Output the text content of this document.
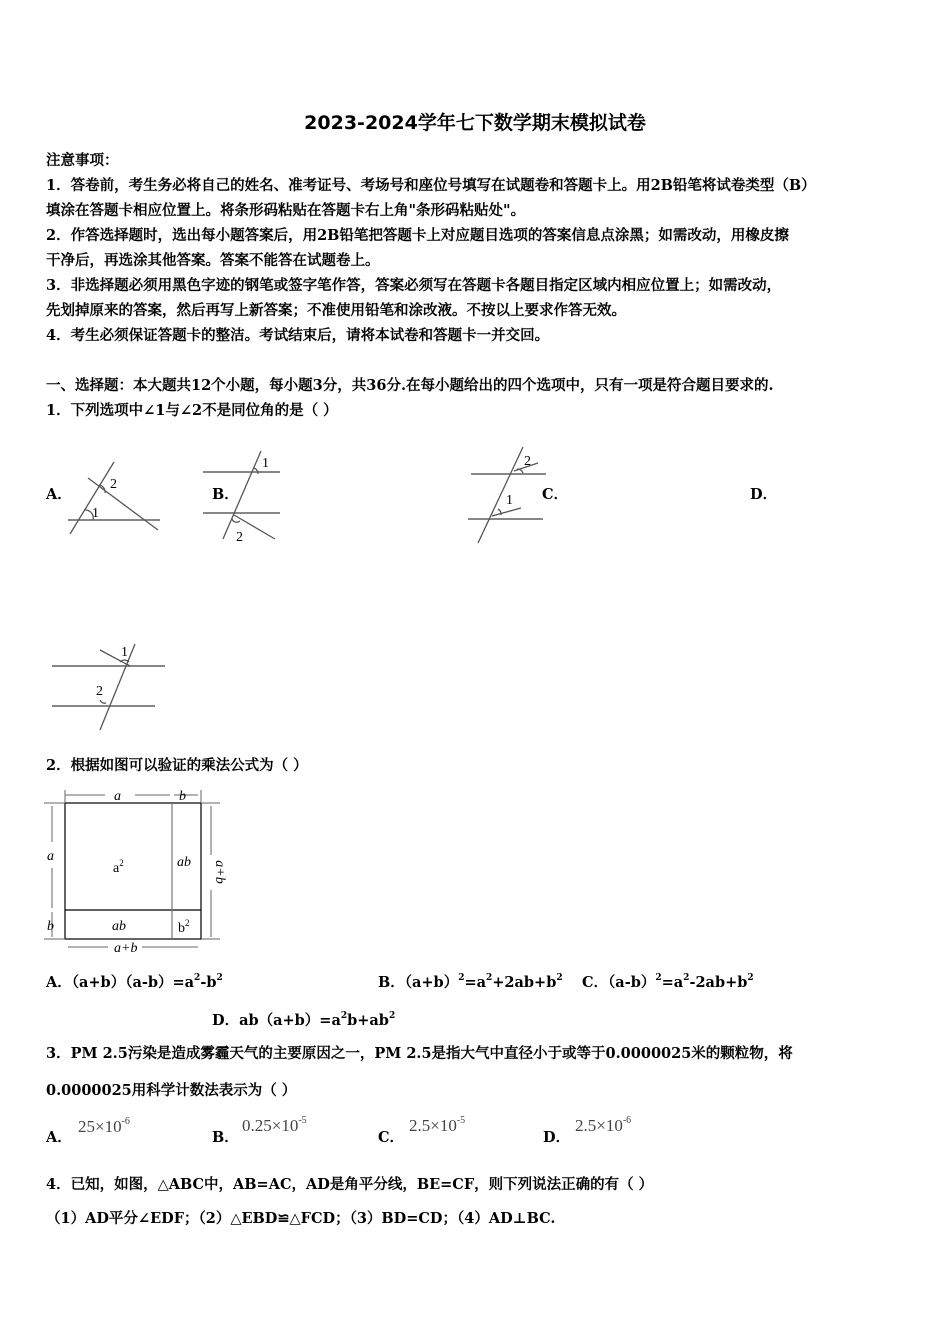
2023-2024学年七下数学期末模拟试卷
注意事项：
1．答卷前，考生务必将自己的姓名、准考证号、考场号和座位号填写在试题卷和答题卡上。用2B铅笔将试卷类型（B）
填涂在答题卡相应位置上。将条形码粘贴在答题卡右上角"条形码粘贴处"。
2．作答选择题时，选出每小题答案后，用2B铅笔把答题卡上对应题目选项的答案信息点涂黑；如需改动，用橡皮擦
干净后，再选涂其他答案。答案不能答在试题卷上。
3．非选择题必须用黑色字迹的钢笔或签字笔作答，答案必须写在答题卡各题目指定区域内相应位置上；如需改动，
先划掉原来的答案，然后再写上新答案；不准使用铅笔和涂改液。不按以上要求作答无效。
4．考生必须保证答题卡的整洁。考试结束后，请将本试卷和答题卡一并交回。
一、选择题：本大题共12个小题，每小题3分，共36分.在每小题给出的四个选项中，只有一项是符合题目要求的.
1．下列选项中∠1与∠2不是同位角的是（ ）
A．	B．	C．	D．
1
2
1
2
2
1
1
2
2．根据如图可以验证的乘法公式为（ ）
a	b
a
b
a+b
a+b
$a^2$	ab
ab	$b^2$
A．$(a+b)(a-b)=a^2-b^2$	B．$(a+b)^2=a^2+2ab+b^2$ C．$(a-b)^2=a^2-2ab+b^2$
D．$ab(a+b)=a^2b+ab^2$
3．PM 2.5污染是造成雾霾天气的主要原因之一，PM 2.5是指大气中直径小于或等于0.0000025米的颗粒物，将
0.0000025用科学计数法表示为（ ）
A．
$25\times 10^{-6}$
B．
$0.25\times 10^{-5}$
C．
$2.5\times 10^{-5}$
D．
$2.5\times 10^{-6}$
4．已知，如图，△ABC中，AB=AC，AD是角平分线，BE=CF，则下列说法正确的有（ ）
（1）AD平分∠EDF；（2）△EBD≌△FCD；（3）BD=CD；（4）AD⊥BC.
